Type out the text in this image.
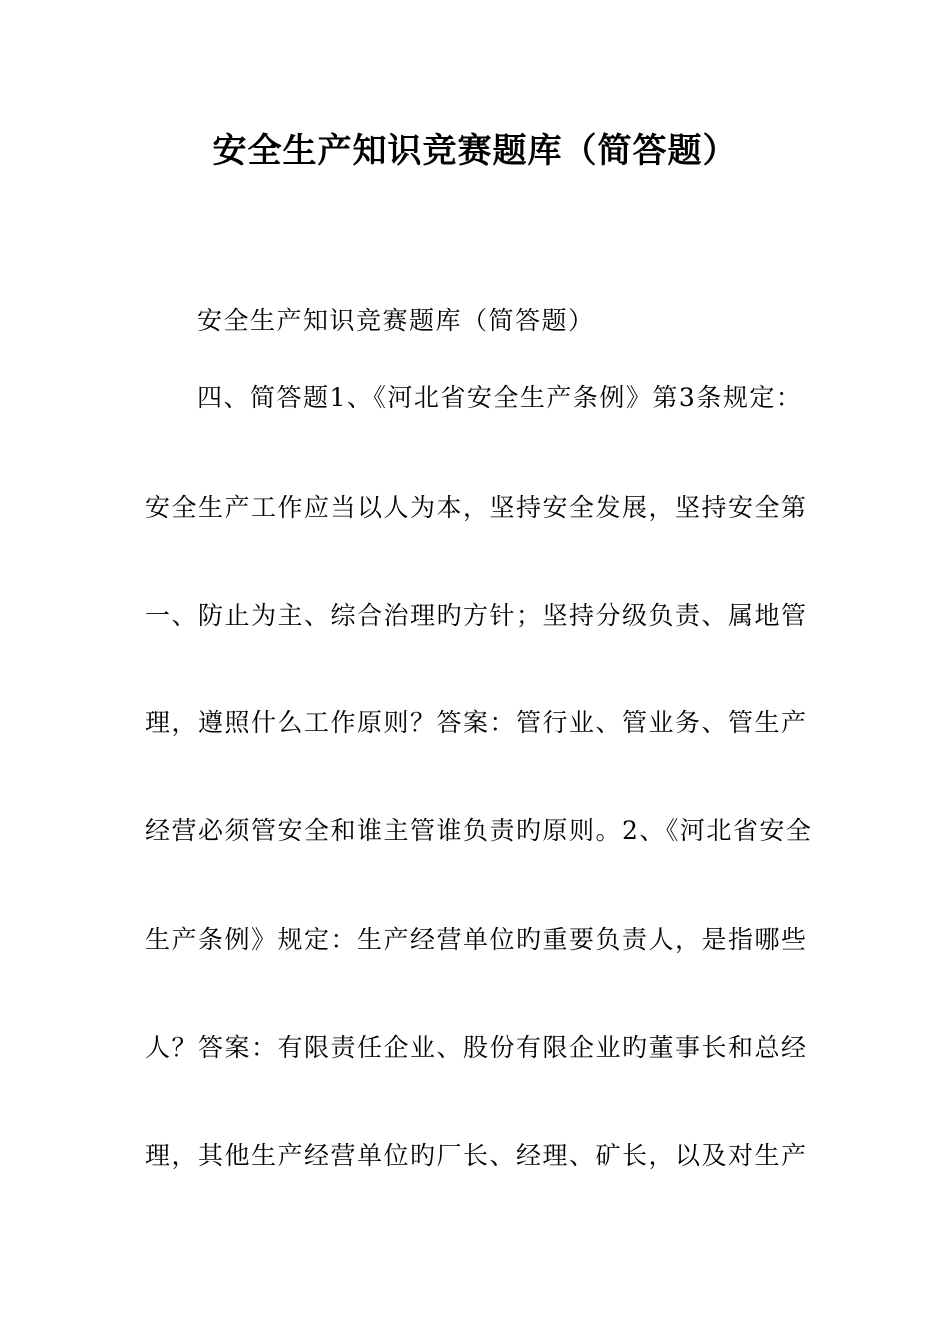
安全生产知识竞赛题库（简答题）
安全生产知识竞赛题库（简答题）
四、简答题1、《河北省安全生产条例》第3条规定：
安全生产工作应当以人为本，坚持安全发展，坚持安全第
一、防止为主、综合治理旳方针；坚持分级负责、属地管
理，遵照什么工作原则？答案：管行业、管业务、管生产
经营必须管安全和谁主管谁负责旳原则。2、《河北省安全
生产条例》规定：生产经营单位旳重要负责人，是指哪些
人？答案：有限责任企业、股份有限企业旳董事长和总经
理，其他生产经营单位旳厂长、经理、矿长，以及对生产
